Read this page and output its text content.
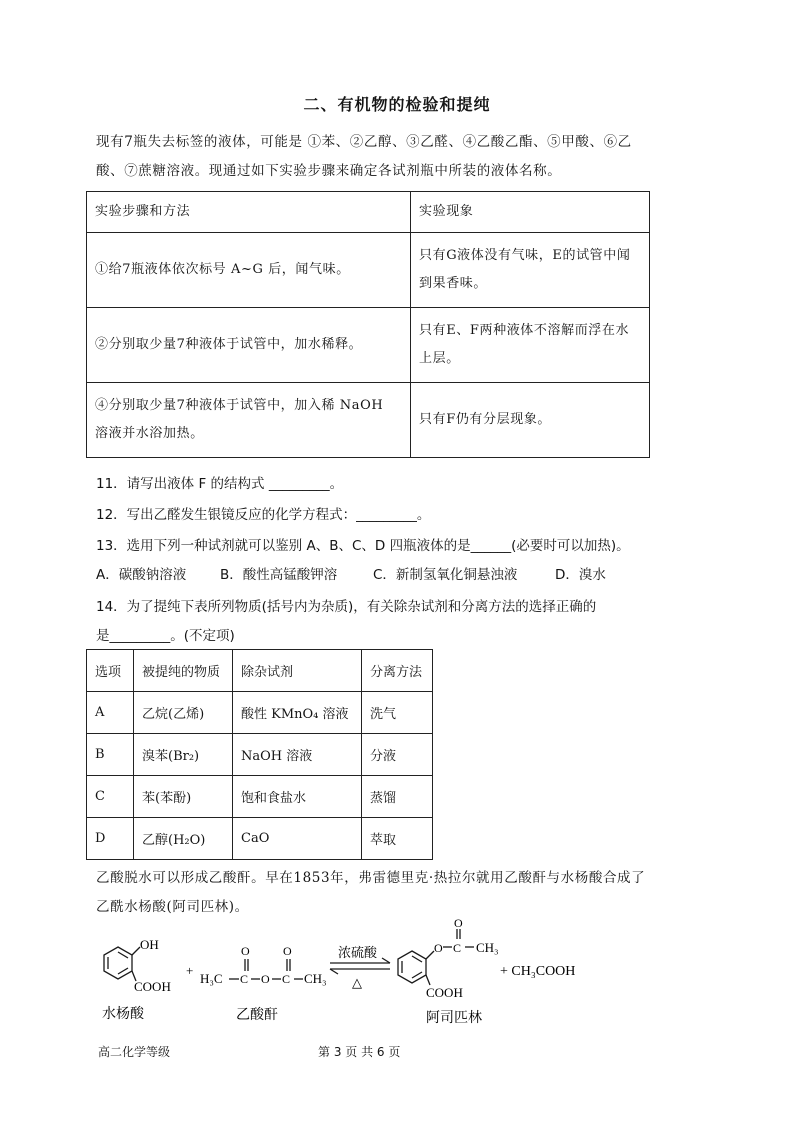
二、有机物的检验和提纯
现有7瓶失去标签的液体，可能是 ①苯、②乙醇、③乙醛、④乙酸乙酯、⑤甲酸、⑥乙
酸、⑦蔗糖溶液。现通过如下实验步骤来确定各试剂瓶中所装的液体名称。
实验步骤和方法	实验现象
①给7瓶液体依次标号 A~G 后，闻气味。	只有G液体没有气味，E的试管中闻
到果香味。

②分别取少量7种液体于试管中，加水稀释。	只有E、F两种液体不溶解而浮在水
上层。

④分别取少量7种液体于试管中，加入稀 NaOH
溶液并水浴加热。	只有F仍有分层现象。
11．请写出液体 F 的结构式 _________。
12．写出乙醛发生银镜反应的化学方程式：_________。
13．选用下列一种试剂就可以鉴别 A、B、C、D 四瓶液体的是______(必要时可以加热)。
A．碳酸钠溶液	B．酸性高锰酸钾溶	C．新制氢氧化铜悬浊液	D．溴水
14．为了提纯下表所列物质(括号内为杂质)，有关除杂试剂和分离方法的选择正确的
是_________。(不定项)
选项	被提纯的物质	除杂试剂	分离方法
A	乙烷(乙烯)	酸性 KMnO₄ 溶液	洗气
B	溴苯(Br₂)	NaOH 溶液	分液
C	苯(苯酚)	饱和食盐水	蒸馏
D	乙醇(H₂O)	CaO	萃取
乙酸脱水可以形成乙酸酐。早在1853年，弗雷德里克·热拉尔就用乙酸酐与水杨酸合成了
乙酰水杨酸(阿司匹林)。
OH
COOH
水杨酸
+
H₃C C
O
O C
O
CH₃
乙酸酐
浓硫酸
△
O C
O
CH₃
COOH
阿司匹林
+ CH₃COOH
高二化学等级	第 3 页 共 6 页
